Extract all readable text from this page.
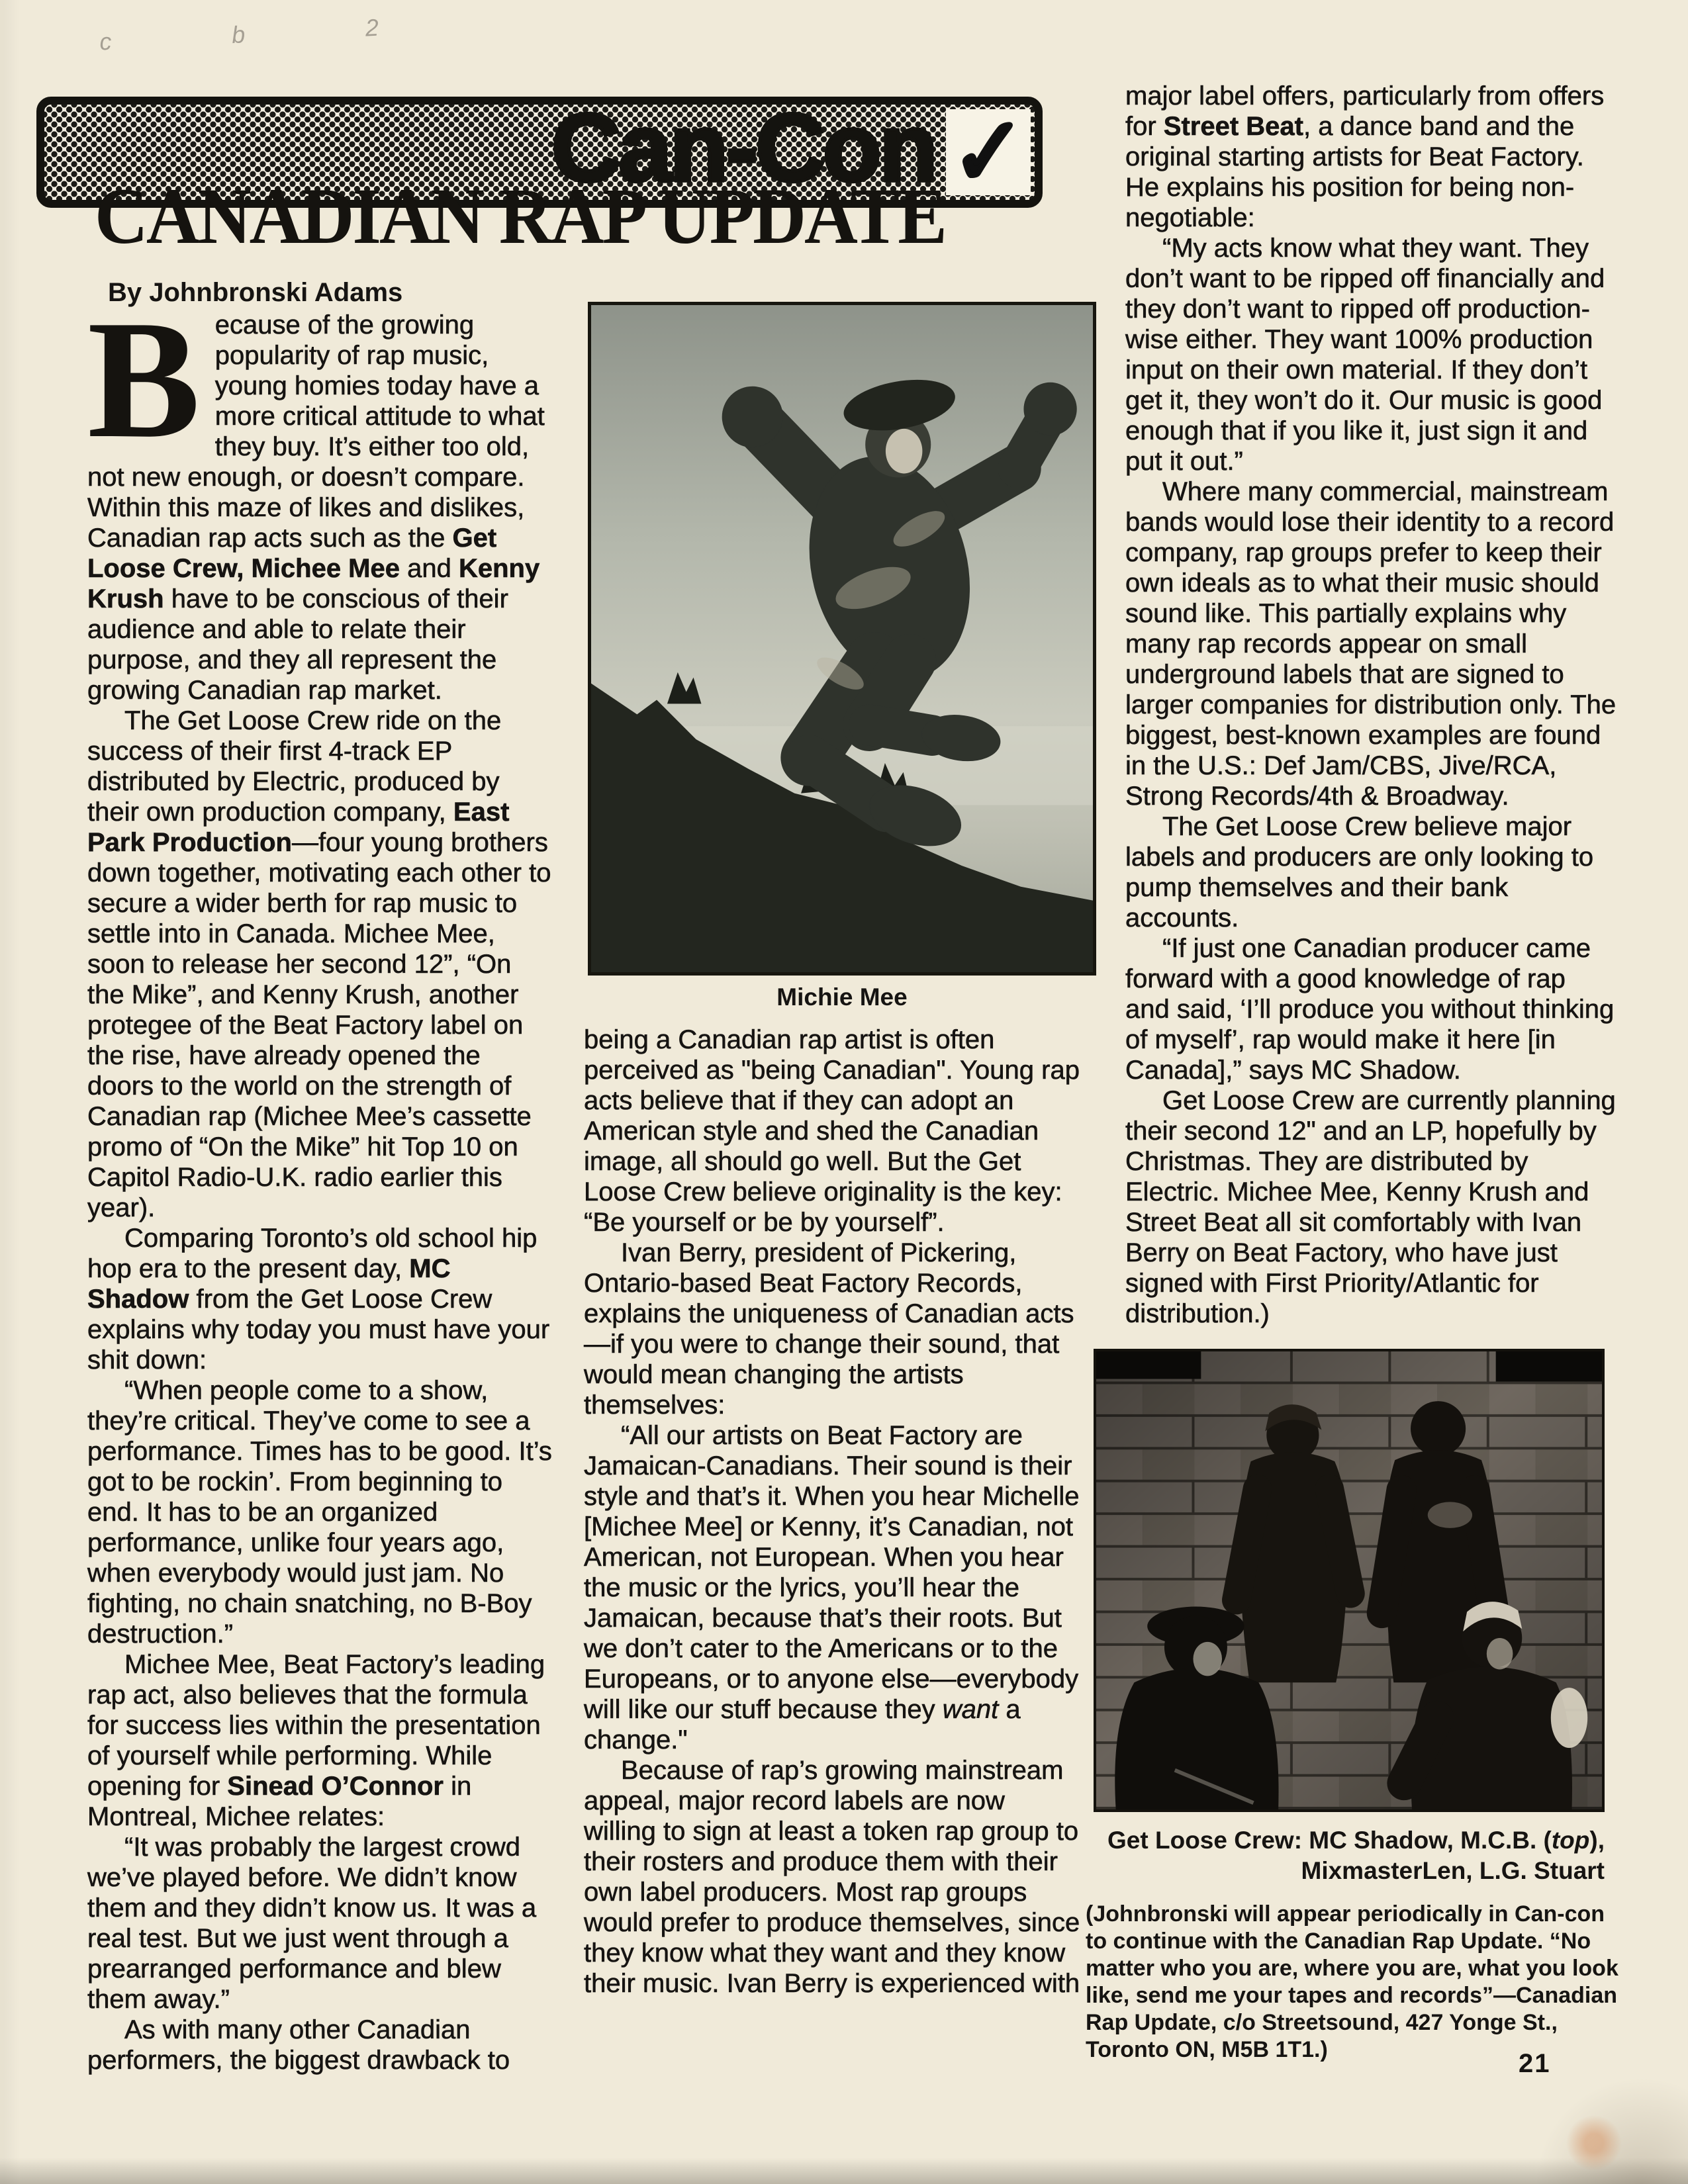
c b 2
Can-Con ✓
CANADIAN RAP UPDATE
By Johnbronski Adams

Because of the growing popularity of rap music, young homies today have a more critical attitude to what they buy. It’s either too old, not new enough, or doesn’t compare. Within this maze of likes and dislikes, Canadian rap acts such as the Get Loose Crew, Michee Mee and Kenny Krush have to be conscious of their audience and able to relate their purpose, and they all represent the growing Canadian rap market.

The Get Loose Crew ride on the success of their first 4-track EP distributed by Electric, produced by their own production company, East Park Production—four young brothers down together, motivating each other to secure a wider berth for rap music to settle into in Canada. Michee Mee, soon to release her second 12”, “On the Mike”, and Kenny Krush, another protegee of the Beat Factory label on the rise, have already opened the doors to the world on the strength of Canadian rap (Michee Mee’s cassette promo of “On the Mike” hit Top 10 on Capitol Radio-U.K. radio earlier this year).

Comparing Toronto’s old school hip hop era to the present day, MC Shadow from the Get Loose Crew explains why today you must have your shit down:

“When people come to a show, they’re critical. They’ve come to see a performance. Times has to be good. It’s got to be rockin’. From beginning to end. It has to be an organized performance, unlike four years ago, when everybody would just jam. No fighting, no chain snatching, no B-Boy destruction.”

Michee Mee, Beat Factory’s leading rap act, also believes that the formula for success lies within the presentation of yourself while performing. While opening for Sinead O’Connor in Montreal, Michee relates:

“It was probably the largest crowd we’ve played before. We didn’t know them and they didn’t know us. It was a real test. But we just went through a prearranged performance and blew them away.”

As with many other Canadian performers, the biggest drawback to

Michie Mee

being a Canadian rap artist is often perceived as "being Canadian". Young rap acts believe that if they can adopt an American style and shed the Canadian image, all should go well. But the Get Loose Crew believe originality is the key: “Be yourself or be by yourself”.

Ivan Berry, president of Pickering, Ontario-based Beat Factory Records, explains the uniqueness of Canadian acts—if you were to change their sound, that would mean changing the artists themselves:

“All our artists on Beat Factory are Jamaican-Canadians. Their sound is their style and that’s it. When you hear Michelle [Michee Mee] or Kenny, it’s Canadian, not American, not European. When you hear the music or the lyrics, you’ll hear the Jamaican, because that’s their roots. But we don’t cater to the Americans or to the Europeans, or to anyone else—everybody will like our stuff because they want a change."

Because of rap’s growing mainstream appeal, major record labels are now willing to sign at least a token rap group to their rosters and produce them with their own label producers. Most rap groups would prefer to produce themselves, since they know what they want and they know their music. Ivan Berry is experienced with

major label offers, particularly from offers for Street Beat, a dance band and the original starting artists for Beat Factory. He explains his position for being non-negotiable:

“My acts know what they want. They don’t want to be ripped off financially and they don’t want to ripped off production-wise either. They want 100% production input on their own material. If they don’t get it, they won’t do it. Our music is good enough that if you like it, just sign it and put it out.”

Where many commercial, mainstream bands would lose their identity to a record company, rap groups prefer to keep their own ideals as to what their music should sound like. This partially explains why many rap records appear on small underground labels that are signed to larger companies for distribution only. The biggest, best-known examples are found in the U.S.: Def Jam/CBS, Jive/RCA, Strong Records/4th & Broadway.

The Get Loose Crew believe major labels and producers are only looking to pump themselves and their bank accounts.

“If just one Canadian producer came forward with a good knowledge of rap and said, ‘I’ll produce you without thinking of myself’, rap would make it here [in Canada],” says MC Shadow.

Get Loose Crew are currently planning their second 12" and an LP, hopefully by Christmas. They are distributed by Electric. Michee Mee, Kenny Krush and Street Beat all sit comfortably with Ivan Berry on Beat Factory, who have just signed with First Priority/Atlantic for distribution.)

Get Loose Crew: MC Shadow, M.C.B. (top),
MixmasterLen, L.G. Stuart
(Johnbronski will appear periodically in Can-con to continue with the Canadian Rap Update. “No matter who you are, where you are, what you look like, send me your tapes and records”—Canadian Rap Update, c/o Streetsound, 427 Yonge St., Toronto ON, M5B 1T1.)	21
